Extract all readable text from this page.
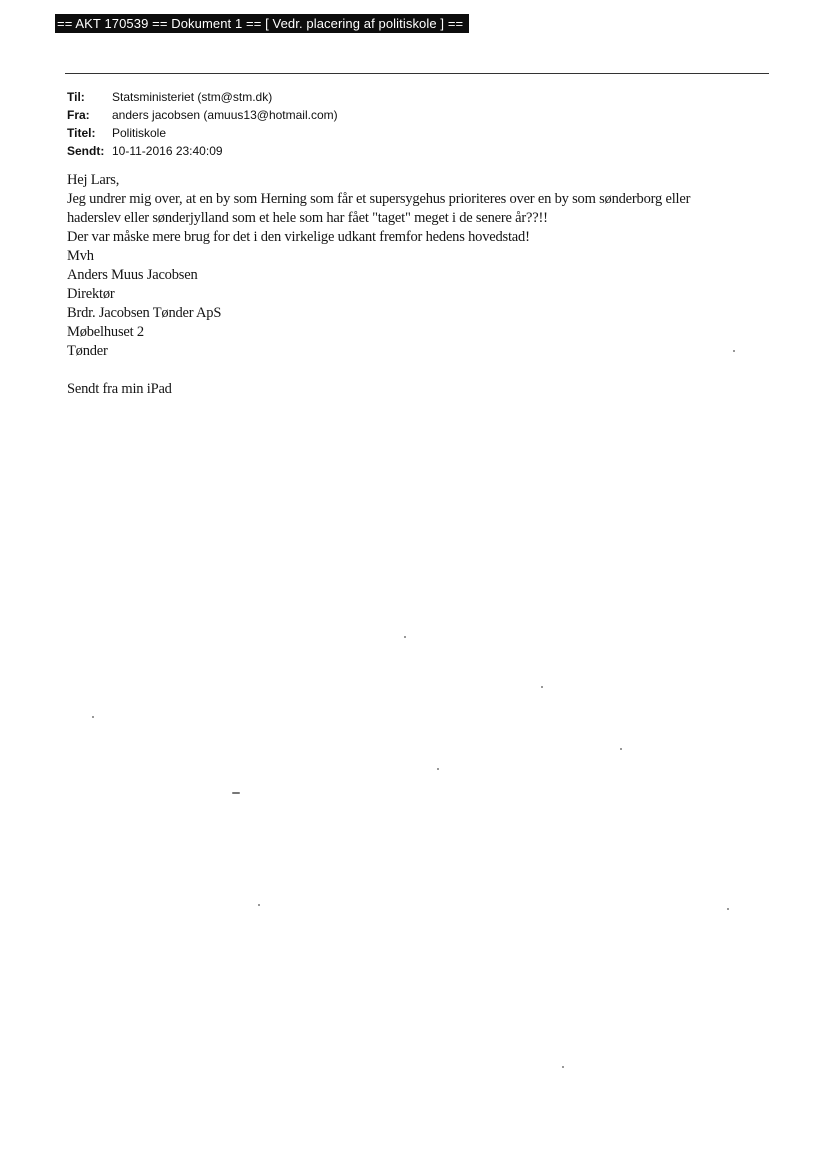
== AKT 170539 == Dokument 1 == [ Vedr. placering af politiskole ] ==
Til:	Statsministeriet (stm@stm.dk)
Fra:	anders jacobsen (amuus13@hotmail.com)
Titel:	Politiskole
Sendt: 10-11-2016 23:40:09
Hej Lars,
Jeg undrer mig over, at en by som Herning som får et supersygehus prioriteres over en by som sønderborg eller
haderslev eller sønderjylland som et hele som har fået "taget" meget i de senere år??!!
Der var måske mere brug for det i den virkelige udkant fremfor hedens hovedstad!
Mvh
Anders Muus Jacobsen
Direktør
Brdr. Jacobsen Tønder ApS
Møbelhuset 2
Tønder
Sendt fra min iPad
